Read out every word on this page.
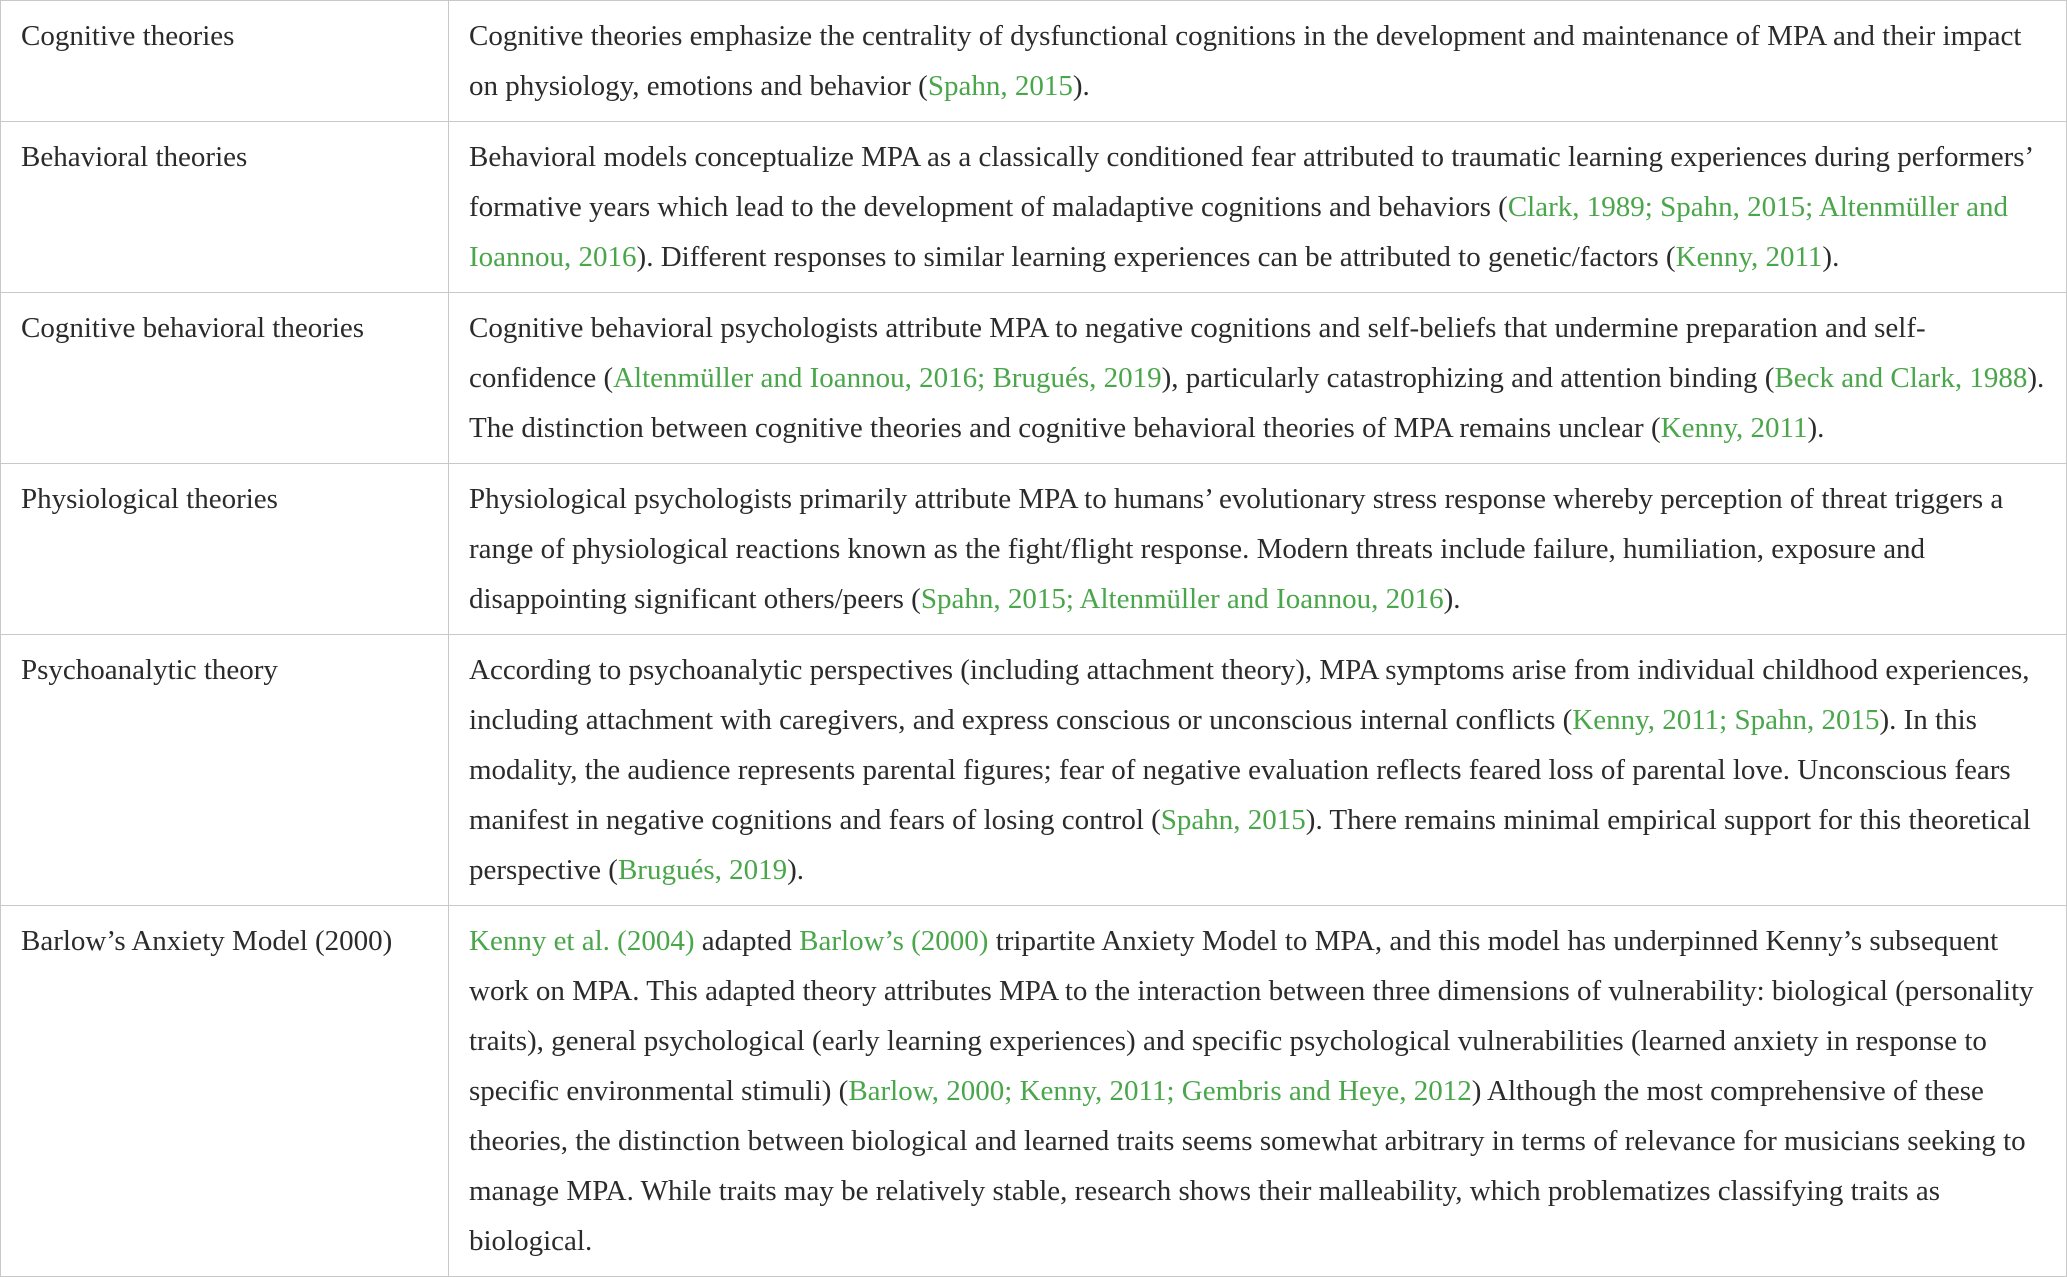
Cognitive theories	Cognitive theories emphasize the centrality of dysfunctional cognitions in the development and maintenance of MPA and their impact on physiology, emotions and behavior (Spahn, 2015).
Behavioral theories	Behavioral models conceptualize MPA as a classically conditioned fear attributed to traumatic learning experiences during performers’ formative years which lead to the development of maladaptive cognitions and behaviors (Clark, 1989; Spahn, 2015; Altenmüller and Ioannou, 2016). Different responses to similar learning experiences can be attributed to genetic/factors (Kenny, 2011).
Cognitive behavioral theories	Cognitive behavioral psychologists attribute MPA to negative cognitions and self-beliefs that undermine preparation and self-confidence (Altenmüller and Ioannou, 2016; Brugués, 2019), particularly catastrophizing and attention binding (Beck and Clark, 1988). The distinction between cognitive theories and cognitive behavioral theories of MPA remains unclear (Kenny, 2011).
Physiological theories	Physiological psychologists primarily attribute MPA to humans’ evolutionary stress response whereby perception of threat triggers a range of physiological reactions known as the fight/flight response. Modern threats include failure, humiliation, exposure and disappointing significant others/peers (Spahn, 2015; Altenmüller and Ioannou, 2016).
Psychoanalytic theory	According to psychoanalytic perspectives (including attachment theory), MPA symptoms arise from individual childhood experiences, including attachment with caregivers, and express conscious or unconscious internal conflicts (Kenny, 2011; Spahn, 2015). In this modality, the audience represents parental figures; fear of negative evaluation reflects feared loss of parental love. Unconscious fears manifest in negative cognitions and fears of losing control (Spahn, 2015). There remains minimal empirical support for this theoretical perspective (Brugués, 2019).
Barlow’s Anxiety Model (2000)	Kenny et al. (2004) adapted Barlow’s (2000) tripartite Anxiety Model to MPA, and this model has underpinned Kenny’s subsequent work on MPA. This adapted theory attributes MPA to the interaction between three dimensions of vulnerability: biological (personality traits), general psychological (early learning experiences) and specific psychological vulnerabilities (learned anxiety in response to specific environmental stimuli) (Barlow, 2000; Kenny, 2011; Gembris and Heye, 2012) Although the most comprehensive of these theories, the distinction between biological and learned traits seems somewhat arbitrary in terms of relevance for musicians seeking to manage MPA. While traits may be relatively stable, research shows their malleability, which problematizes classifying traits as biological.
